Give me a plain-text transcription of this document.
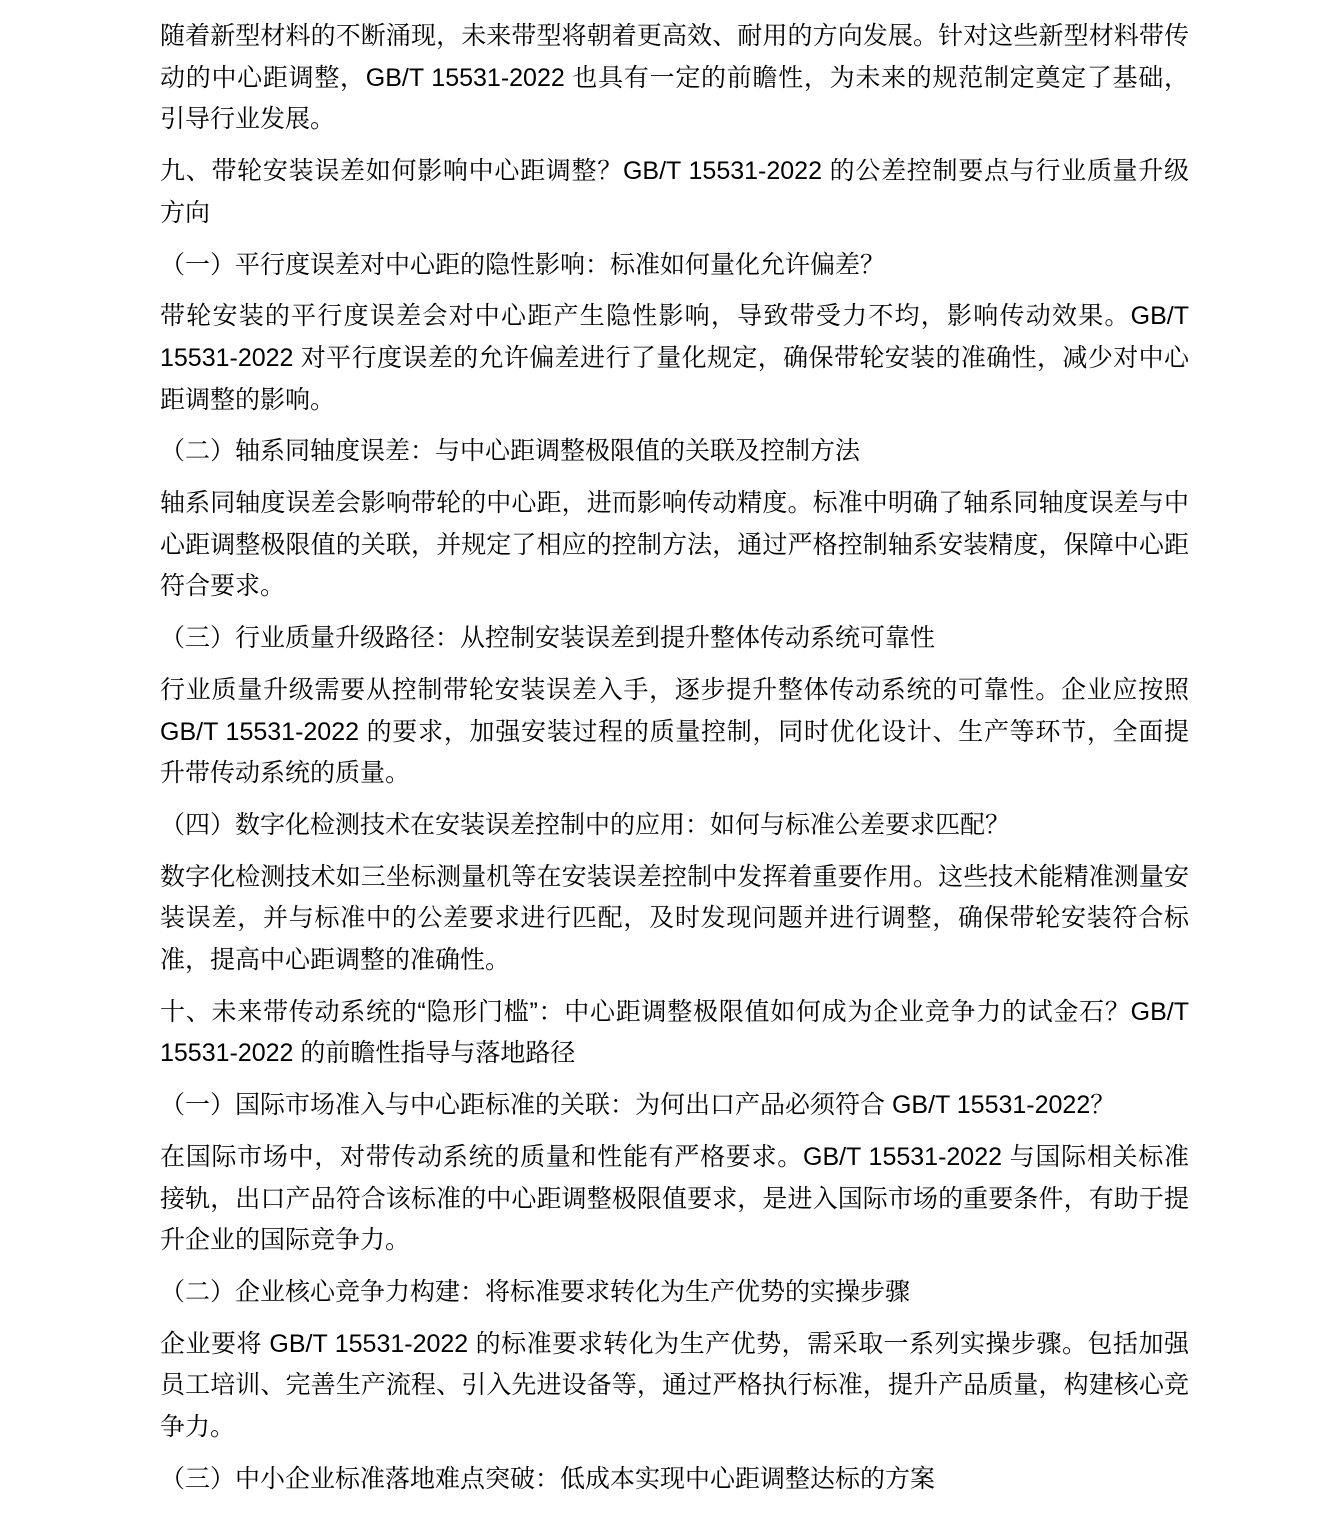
随着新型材料的不断涌现，未来带型将朝着更高效、耐用的方向发展。针对这些新型材料带传动的中心距调整，GB/T 15531-2022 也具有一定的前瞻性，为未来的规范制定奠定了基础，引导行业发展。

九、带轮安装误差如何影响中心距调整？GB/T 15531-2022 的公差控制要点与行业质量升级方向

（一）平行度误差对中心距的隐性影响：标准如何量化允许偏差？

带轮安装的平行度误差会对中心距产生隐性影响，导致带受力不均，影响传动效果。GB/T 15531-2022 对平行度误差的允许偏差进行了量化规定，确保带轮安装的准确性，减少对中心距调整的影响。

（二）轴系同轴度误差：与中心距调整极限值的关联及控制方法

轴系同轴度误差会影响带轮的中心距，进而影响传动精度。标准中明确了轴系同轴度误差与中心距调整极限值的关联，并规定了相应的控制方法，通过严格控制轴系安装精度，保障中心距符合要求。

（三）行业质量升级路径：从控制安装误差到提升整体传动系统可靠性

行业质量升级需要从控制带轮安装误差入手，逐步提升整体传动系统的可靠性。企业应按照 GB/T 15531-2022 的要求，加强安装过程的质量控制，同时优化设计、生产等环节，全面提升带传动系统的质量。

（四）数字化检测技术在安装误差控制中的应用：如何与标准公差要求匹配？

数字化检测技术如三坐标测量机等在安装误差控制中发挥着重要作用。这些技术能精准测量安装误差，并与标准中的公差要求进行匹配，及时发现问题并进行调整，确保带轮安装符合标准，提高中心距调整的准确性。

十、未来带传动系统的“隐形门槛”：中心距调整极限值如何成为企业竞争力的试金石？GB/T 15531-2022 的前瞻性指导与落地路径

（一）国际市场准入与中心距标准的关联：为何出口产品必须符合 GB/T 15531-2022？

在国际市场中，对带传动系统的质量和性能有严格要求。GB/T 15531-2022 与国际相关标准接轨，出口产品符合该标准的中心距调整极限值要求，是进入国际市场的重要条件，有助于提升企业的国际竞争力。

（二）企业核心竞争力构建：将标准要求转化为生产优势的实操步骤

企业要将 GB/T 15531-2022 的标准要求转化为生产优势，需采取一系列实操步骤。包括加强员工培训、完善生产流程、引入先进设备等，通过严格执行标准，提升产品质量，构建核心竞争力。

（三）中小企业标准落地难点突破：低成本实现中心距调整达标的方案
